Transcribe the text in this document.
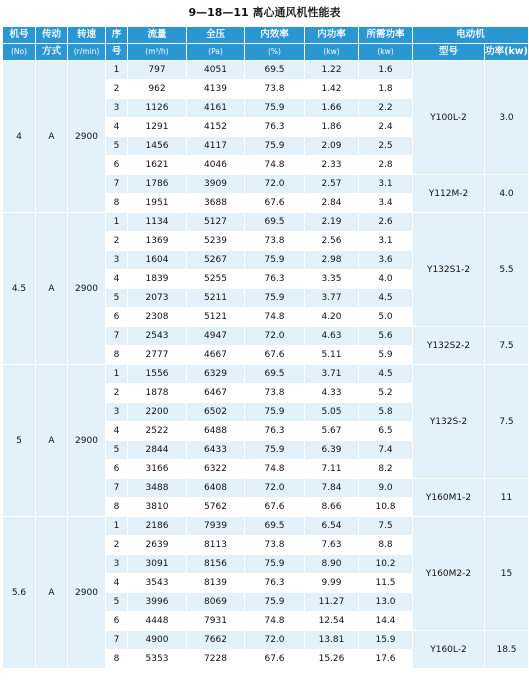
9—18—11 离心通风机性能表
机号	传动	转速	序	流量	全压	内效率	内功率	所需功率	电动机	
(No)	方式	(r/min)	号	(m³/h)	(Pa)	(%)	(kw)	(kw)	型号	功率(kw)
4	A	2900	1	797	4051	69.5	1.22	1.6	Y100L-2	3.0
			2	962	4139	73.8	1.42	1.8		
			3	1126	4161	75.9	1.66	2.2		
			4	1291	4152	76.3	1.86	2.4		
			5	1456	4117	75.9	2.09	2.5		
			6	1621	4046	74.8	2.33	2.8		
			7	1786	3909	72.0	2.57	3.1	Y112M-2	4.0
			8	1951	3688	67.6	2.84	3.4		
4.5	A	2900	1	1134	5127	69.5	2.19	2.6	Y132S1-2	5.5
			2	1369	5239	73.8	2.56	3.1		
			3	1604	5267	75.9	2.98	3.6		
			4	1839	5255	76.3	3.35	4.0		
			5	2073	5211	75.9	3.77	4.5		
			6	2308	5121	74.8	4.20	5.0		
			7	2543	4947	72.0	4.63	5.6	Y132S2-2	7.5
			8	2777	4667	67.6	5.11	5.9		
5	A	2900	1	1556	6329	69.5	3.71	4.5	Y132S-2	7.5
			2	1878	6467	73.8	4.33	5.2		
			3	2200	6502	75.9	5.05	5.8		
			4	2522	6488	76.3	5.67	6.5		
			5	2844	6433	75.9	6.39	7.4		
			6	3166	6322	74.8	7.11	8.2		
			7	3488	6408	72.0	7.84	9.0	Y160M1-2	11
			8	3810	5762	67.6	8.66	10.8		
5.6	A	2900	1	2186	7939	69.5	6.54	7.5	Y160M2-2	15
			2	2639	8113	73.8	7.63	8.8		
			3	3091	8156	75.9	8.90	10.2		
			4	3543	8139	76.3	9.99	11.5		
			5	3996	8069	75.9	11.27	13.0		
			6	4448	7931	74.8	12.54	14.4		
			7	4900	7662	72.0	13.81	15.9	Y160L-2	18.5
			8	5353	7228	67.6	15.26	17.6		
